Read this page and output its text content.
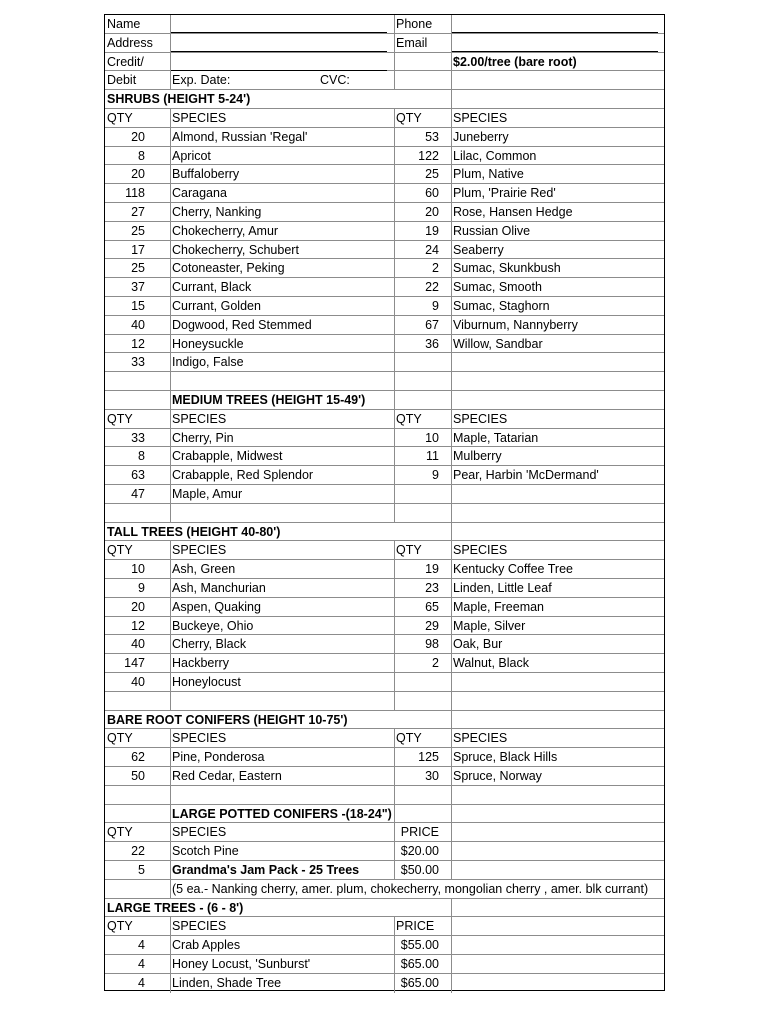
Name	Phone
Address	Email
Credit/	$2.00/tree (bare root)
Debit	Exp. Date:	CVC:
SHRUBS (HEIGHT 5-24')
QTY	SPECIES	QTY	SPECIES
20 Almond, Russian 'Regal'	53 Juneberry
8 Apricot	122 Lilac, Common
20 Buffaloberry	25 Plum, Native
118 Caragana	60 Plum, 'Prairie Red'
27 Cherry, Nanking	20 Rose, Hansen Hedge
25 Chokecherry, Amur	19 Russian Olive
17 Chokecherry, Schubert	24 Seaberry
25 Cotoneaster, Peking	2 Sumac, Skunkbush
37 Currant, Black	22 Sumac, Smooth
15 Currant, Golden	9 Sumac, Staghorn
40 Dogwood, Red Stemmed	67 Viburnum, Nannyberry
12 Honeysuckle	36 Willow, Sandbar
33 Indigo, False
MEDIUM TREES (HEIGHT 15-49')
QTY	SPECIES	QTY	SPECIES
33 Cherry, Pin	10 Maple, Tatarian
8 Crabapple, Midwest	11 Mulberry
63 Crabapple, Red Splendor	9 Pear, Harbin 'McDermand'
47 Maple, Amur
TALL TREES (HEIGHT 40-80')
QTY	SPECIES	QTY	SPECIES
10 Ash, Green	19 Kentucky Coffee Tree
9 Ash, Manchurian	23 Linden, Little Leaf
20 Aspen, Quaking	65 Maple, Freeman
12 Buckeye, Ohio	29 Maple, Silver
40 Cherry, Black	98 Oak, Bur
147 Hackberry	2 Walnut, Black
40 Honeylocust
BARE ROOT CONIFERS (HEIGHT 10-75')
QTY	SPECIES	QTY	SPECIES
62 Pine, Ponderosa	125 Spruce, Black Hills
50 Red Cedar, Eastern	30 Spruce, Norway
LARGE POTTED CONIFERS -(18-24")
QTY	SPECIES	PRICE
22 Scotch Pine	$20.00
5 Grandma's Jam Pack - 25 Trees	$50.00
(5 ea.- Nanking cherry, amer. plum, chokecherry, mongolian cherry , amer. blk currant)
LARGE TREES - (6 - 8')
QTY	SPECIES	PRICE
4 Crab Apples	$55.00
4 Honey Locust, 'Sunburst'	$65.00
4 Linden, Shade Tree	$65.00
